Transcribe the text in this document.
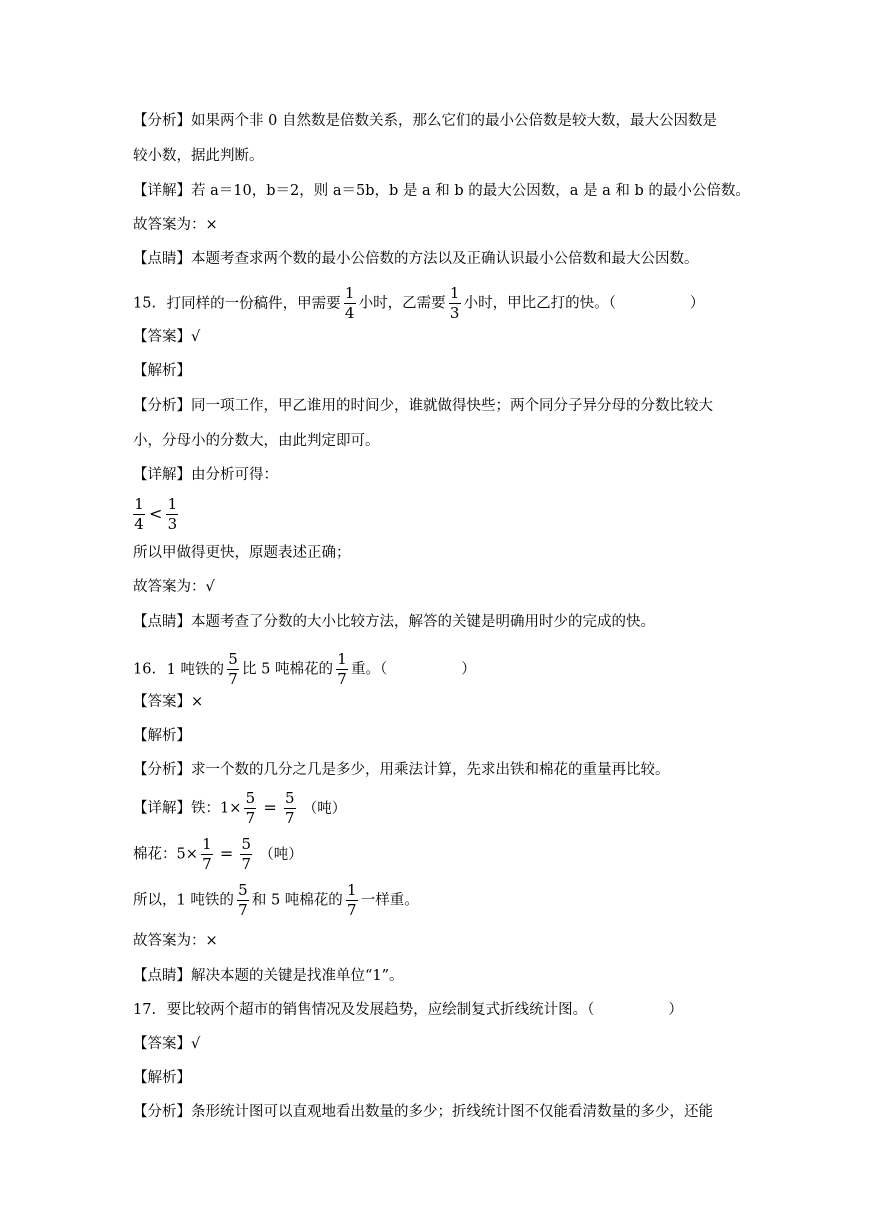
【分析】如果两个非 0 自然数是倍数关系，那么它们的最小公倍数是较大数，最大公因数是
较小数，据此判断。
【详解】若 a＝10，b＝2，则 a＝5b，b 是 a 和 b 的最大公因数，a 是 a 和 b 的最小公倍数。
故答案为：×
【点睛】本题考查求两个数的最小公倍数的方法以及正确认识最小公倍数和最大公因数。
15. 打同样的一份稿件，甲需要 $\frac{1}{4}$ 小时，乙需要 $\frac{1}{3}$ 小时，甲比乙打的快。（	）
【答案】√
【解析】
【分析】同一项工作，甲乙谁用的时间少，谁就做得快些；两个同分子异分母的分数比较大
小，分母小的分数大，由此判定即可。
【详解】由分析可得：
$\frac{1}{4} < \frac{1}{3}$
所以甲做得更快，原题表述正确；
故答案为：√
【点睛】本题考查了分数的大小比较方法，解答的关键是明确用时少的完成的快。
16. 1 吨铁的 $\frac{5}{7}$ 比 5 吨棉花的 $\frac{1}{7}$ 重。（	）
【答案】×
【解析】
【分析】求一个数的几分之几是多少，用乘法计算，先求出铁和棉花的重量再比较。
【详解】铁：$1\times \frac{5}{7} = \frac{5}{7}$ （吨）
棉花：$5\times \frac{1}{7} = \frac{5}{7}$ （吨）
所以，1 吨铁的 $\frac{5}{7}$ 和 5 吨棉花的 $\frac{1}{7}$ 一样重。
故答案为：×
【点睛】解决本题的关键是找准单位“1”。
17. 要比较两个超市的销售情况及发展趋势，应绘制复式折线统计图。（	）
【答案】√
【解析】
【分析】条形统计图可以直观地看出数量的多少；折线统计图不仅能看清数量的多少，还能
